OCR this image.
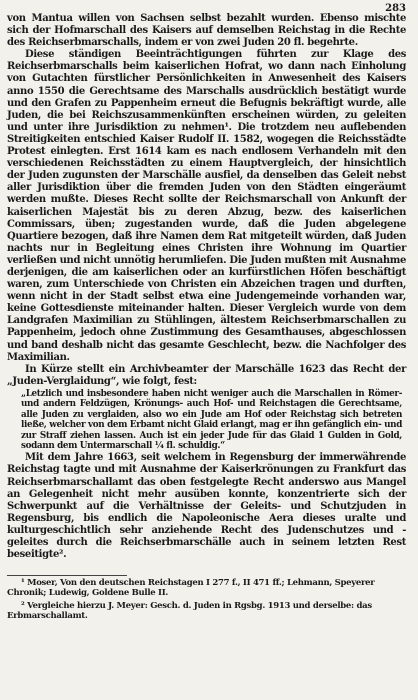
283

von Mantua willen von Sachsen selbst bezahlt wurden. Ebenso mischte sich der Hofmarschall des Kaisers auf demselben Reichstag in die Rechte des Reichserbmarschalls, indem er von zwei Juden 20 fl. begehrte.

Diese ständigen Beeinträchtigungen führten zur Klage des Reichserbmarschalls beim kaiserlichen Hofrat, wo dann nach Einholung von Gutachten fürstlicher Persönlichkeiten in Anwesenheit des Kaisers anno 1550 die Gerechtsame des Marschalls ausdrücklich bestätigt wurde und den Grafen zu Pappenheim erneut die Befugnis bekräftigt wurde, alle Juden, die bei Reichszusammenkünften erscheinen würden, zu geleiten und unter ihre Jurisdiktion zu nehmen¹. Die trotzdem neu auflebenden Streitigkeiten entschied Kaiser Rudolf II. 1582, wogegen die Reichsstädte Protest einlegten. Erst 1614 kam es nach endlosem Verhandeln mit den verschiedenen Reichsstädten zu einem Hauptvergleich, der hinsichtlich der Juden zugunsten der Marschälle ausfiel, da denselben das Geleit nebst aller Jurisdiktion über die fremden Juden von den Städten eingeräumt werden mußte. Dieses Recht sollte der Reichsmarschall von Ankunft der kaiserlichen Majestät bis zu deren Abzug, bezw. des kaiserlichen Commissars, üben; zugestanden wurde, daß die Juden abgelegene Quartiere bezogen, daß ihre Namen dem Rat mitgeteilt würden, daß Juden nachts nur in Begleitung eines Christen ihre Wohnung im Quartier verließen und nicht unnötig herumliefen. Die Juden mußten mit Ausnahme derjenigen, die am kaiserlichen oder an kurfürstlichen Höfen beschäftigt waren, zum Unterschiede von Christen ein Abzeichen tragen und durften, wenn nicht in der Stadt selbst etwa eine Judengemeinde vorhanden war, keine Gottesdienste miteinander halten. Dieser Vergleich wurde von dem Landgrafen Maximilian zu Stühlingen, ältestem Reichserbmarschallen zu Pappenheim, jedoch ohne Zustimmung des Gesamthauses, abgeschlossen und band deshalb nicht das gesamte Geschlecht, bezw. die Nachfolger des Maximilian.

In Kürze stellt ein Archivbeamter der Marschälle 1623 das Recht der „Juden-Verglaidung“, wie folgt, fest:

„Letzlich und insbesondere haben nicht weniger auch die Marschallen in Römer- und andern Feldzügen, Krönungs- auch Hof- und Reichstagen die Gerechtsame, alle Juden zu verglaiden, also wo ein Jude am Hof oder Reichstag sich betreten ließe, welcher von dem Erbamt nicht Glaid erlangt, mag er ihn gefänglich ein- und zur Straff ziehen lassen. Auch ist ein jeder Jude für das Glaid 1 Gulden in Gold, sodann dem Untermarschall ¼ fl. schuldig.“

Mit dem Jahre 1663, seit welchem in Regensburg der immerwährende Reichstag tagte und mit Ausnahme der Kaiserkrönungen zu Frankfurt das Reichserbmarschallamt das oben festgelegte Recht anderswo aus Mangel an Gelegenheit nicht mehr ausüben konnte, konzentrierte sich der Schwerpunkt auf die Verhältnisse der Geleits- und Schutzjuden in Regensburg, bis endlich die Napoleonische Aera dieses uralte und kulturgeschichtlich sehr anziehende Recht des Judenschutzes und -geleites durch die Reichserbmarschälle auch in seinem letzten Rest beseitigte².

¹ Moser, Von den deutschen Reichstagen I 277 f., II 471 ff.; Lehmann, Speyerer Chronik; Ludewig, Goldene Bulle II.

² Vergleiche hierzu J. Meyer: Gesch. d. Juden in Rgsbg. 1913 und derselbe: das Erbmarschallamt.
